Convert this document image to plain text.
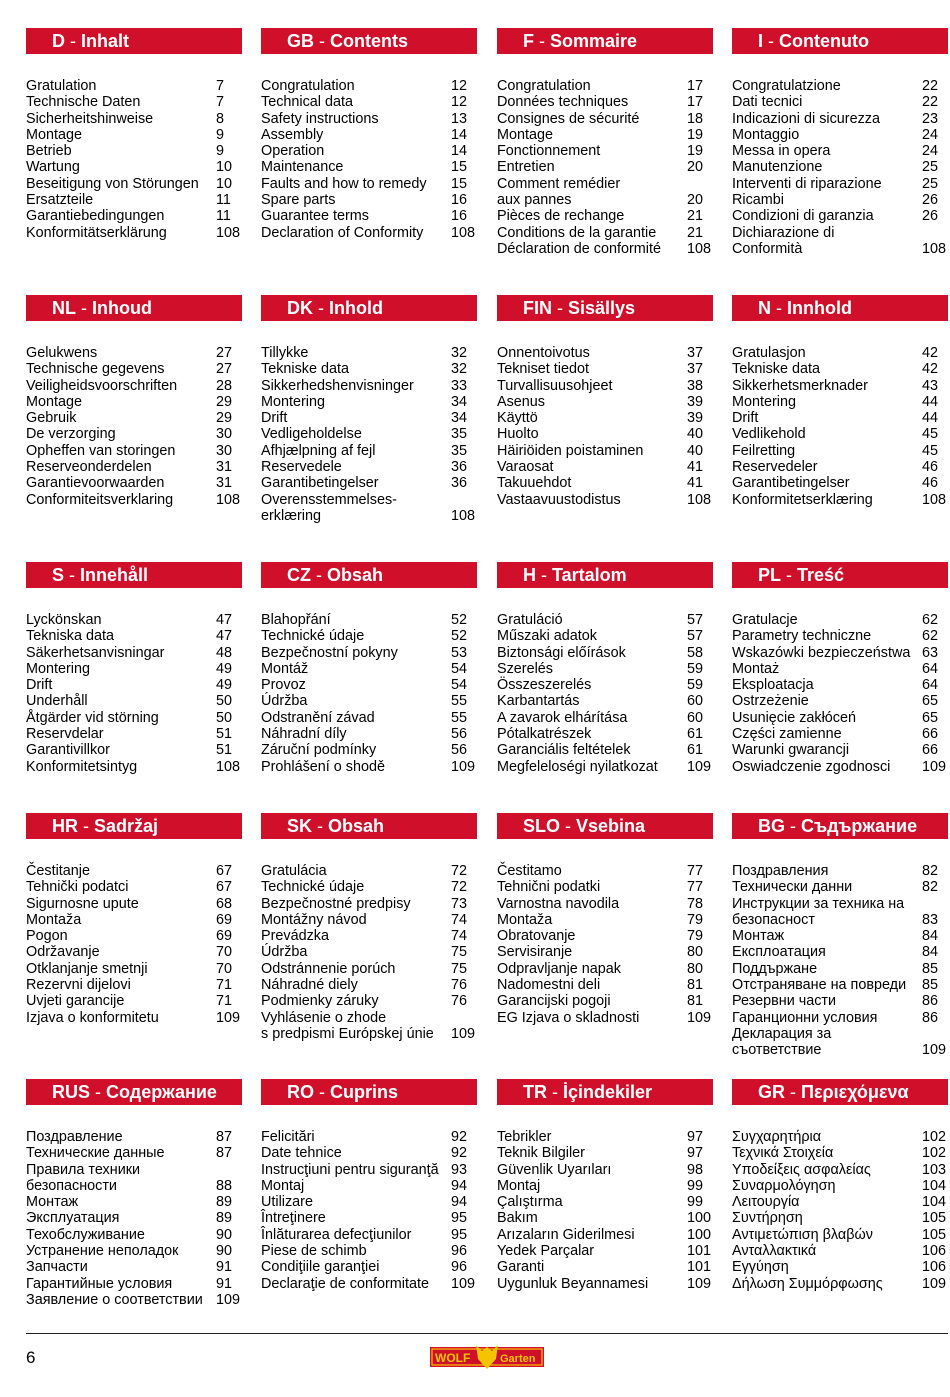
D - Inhalt
Gratulation	7
Technische Daten	7
Sicherheitshinweise	8
Montage	9
Betrieb	9
Wartung	10
Beseitigung von Störungen	10
Ersatzteile	11
Garantiebedingungen	11
Konformitätserklärung	108
GB - Contents
Congratulation	12
Technical data	12
Safety instructions	13
Assembly	14
Operation	14
Maintenance	15
Faults and how to remedy	15
Spare parts	16
Guarantee terms	16
Declaration of Conformity	108
F - Sommaire
Congratulation	17
Données techniques	17
Consignes de sécurité	18
Montage	19
Fonctionnement	19
Entretien	20
Comment remédier
aux pannes	20
Pièces de rechange	21
Conditions de la garantie	21
Déclaration de conformité	108
I - Contenuto
Congratulatzione	22
Dati tecnici	22
Indicazioni di sicurezza	23
Montaggio	24
Messa in opera	24
Manutenzione	25
Interventi di riparazione	25
Ricambi	26
Condizioni di garanzia	26
Dichiarazione di
Conformità	108
NL - Inhoud
Gelukwens	27
Technische gegevens	27
Veiligheidsvoorschriften	28
Montage	29
Gebruik	29
De verzorging	30
Opheffen van storingen	30
Reserveonderdelen	31
Garantievoorwaarden	31
Conformiteitsverklaring	108
DK - Inhold
Tillykke	32
Tekniske data	32
Sikkerhedshenvisninger	33
Montering	34
Drift	34
Vedligeholdelse	35
Afhjælpning af fejl	35
Reservedele	36
Garantibetingelser	36
Overensstemmelses-
erklæring	108
FIN - Sisällys
Onnentoivotus	37
Tekniset tiedot	37
Turvallisuusohjeet	38
Asenus	39
Käyttö	39
Huolto	40
Häiriöiden poistaminen	40
Varaosat	41
Takuuehdot	41
Vastaavuustodistus	108
N - Innhold
Gratulasjon	42
Tekniske data	42
Sikkerhetsmerknader	43
Montering	44
Drift	44
Vedlikehold	45
Feilretting	45
Reservedeler	46
Garantibetingelser	46
Konformitetserklæring	108
S - Innehåll
Lyckönskan	47
Tekniska data	47
Säkerhetsanvisningar	48
Montering	49
Drift	49
Underhåll	50
Åtgärder vid störning	50
Reservdelar	51
Garantivillkor	51
Konformitetsintyg	108
CZ - Obsah
Blahopřání	52
Technické údaje	52
Bezpečnostní pokyny	53
Montáž	54
Provoz	54
Údržba	55
Odstranění závad	55
Náhradní díly	56
Záruční podmínky	56
Prohlášení o shodě	109
H - Tartalom
Gratuláció	57
Műszaki adatok	57
Biztonsági előírások	58
Szerelés	59
Összeszerelés	59
Karbantartás	60
A zavarok elhárítása	60
Pótalkatrészek	61
Garanciális feltételek	61
Megfeleloségi nyilatkozat	109
PL - Treść
Gratulacje	62
Parametry techniczne	62
Wskazówki bezpieczeństwa 63
Montaż	64
Eksploatacja	64
Ostrzeżenie	65
Usunięcie zakłóceń	65
Części zamienne	66
Warunki gwarancji	66
Oswiadczenie zgodnosci	109
HR - Sadržaj
Čestitanje	67
Tehnički podatci	67
Sigurnosne upute	68
Montaža	69
Pogon	69
Održavanje	70
Otklanjanje smetnji	70
Rezervni dijelovi	71
Uvjeti garancije	71
Izjava o konformitetu	109
SK - Obsah
Gratulácia	72
Technické údaje	72
Bezpečnostné predpisy	73
Montážny návod	74
Prevádzka	74
Údržba	75
Odstránnenie porúch	75
Náhradné diely	76
Podmienky záruky	76
Vyhlásenie o zhode
s predpismi Európskej únie	109
SLO - Vsebina
Čestitamo	77
Tehnični podatki	77
Varnostna navodila	78
Montaža	79
Obratovanje	79
Servisiranje	80
Odpravljanje napak	80
Nadomestni deli	81
Garancijski pogoji	81
EG Izjava o skladnosti	109
BG - Съдържание
Поздравления	82
Технически данни	82
Инструкции за техника на
безопасност	83
Монтаж	84
Експлоатация	84
Поддържане	85
Отстраняване на повреди	85
Резервни части	86
Гаранционни условия	86
Декларация за
съответствие	109
RUS - Содержание
Поздравление	87
Технические данные	87
Правила техники
безопасности	88
Монтаж	89
Эксплуатация	89
Техобслуживание	90
Устранение неполадок	90
Запчасти	91
Гарантийные условия	91
Заявление о соответствии 109
RO - Cuprins
Felicitări	92
Date tehnice	92
Instrucţiuni pentru siguranţă 93
Montaj	94
Utilizare	94
Întreţinere	95
Înlăturarea defecţiunilor	95
Piese de schimb	96
Condiţiile garanţiei	96
Declaraţie de conformitate	109
TR - İçindekiler
Tebrikler	97
Teknik Bilgiler	97
Güvenlik Uyarıları	98
Montaj	99
Çalıştırma	99
Bakım	100
Arızaların Giderilmesi	100
Yedek Parçalar	101
Garanti	101
Uygunluk Beyannamesi	109
GR - Περιεχόμενα
Συγχαρητήρια	102
Τεχνικά Στοιχεία	102
Υποδείξεις ασφαλείας	103
Συναρμολόγηση	104
Λειτουργία	104
Συντήρηση	105
Αντιμετώπιση βλαβών	105
Ανταλλακτικά	106
Εγγύηση	106
Δήλωση Συμμόρφωσης	109
6	WOLF	Garten
